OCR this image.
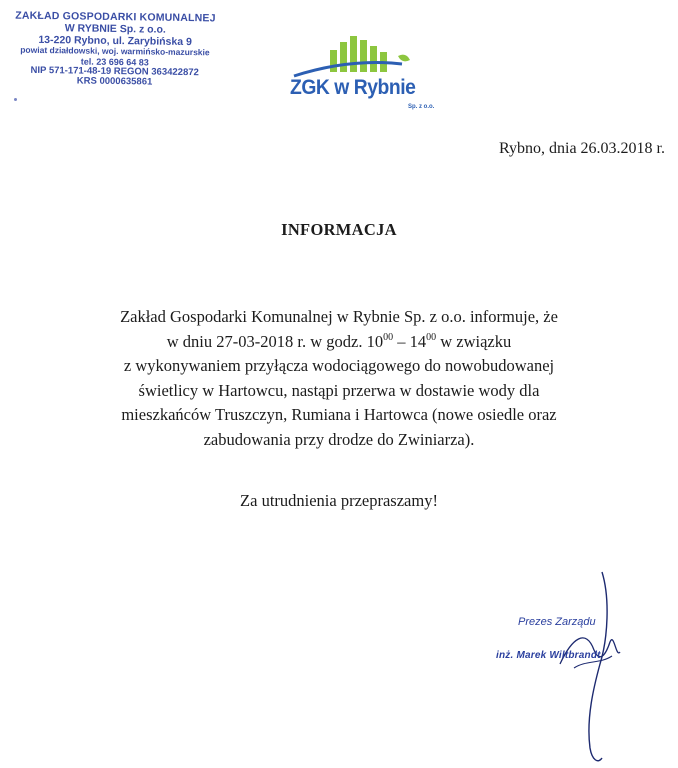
ZAKŁAD GOSPODARKI KOMUNALNEJ
W RYBNIE Sp. z o.o.
13-220 Rybno, ul. Zarybińska 9
powiat działdowski, woj. warmińsko-mazurskie
tel. 23 696 64 83
NIP 571-171-48-19 REGON 363422872
KRS 0000635861	ZGK w Rybnie
Sp. z o.o.
Rybno, dnia 26.03.2018 r.
INFORMACJA
Zakład Gospodarki Komunalnej w Rybnie Sp. z o.o. informuje, że
w dniu 27-03-2018 r. w godz. $10^{00} - 14^{00}$ w związku
z wykonywaniem przyłącza wodociągowego do nowobudowanej
świetlicy w Hartowcu, nastąpi przerwa w dostawie wody dla
mieszkańców Truszczyn, Rumiana i Hartowca (nowe osiedle oraz
zabudowania przy drodze do Zwiniarza).
Za utrudnienia przepraszamy!
Prezes Zarządu
inż. Marek Wiltbrandt
